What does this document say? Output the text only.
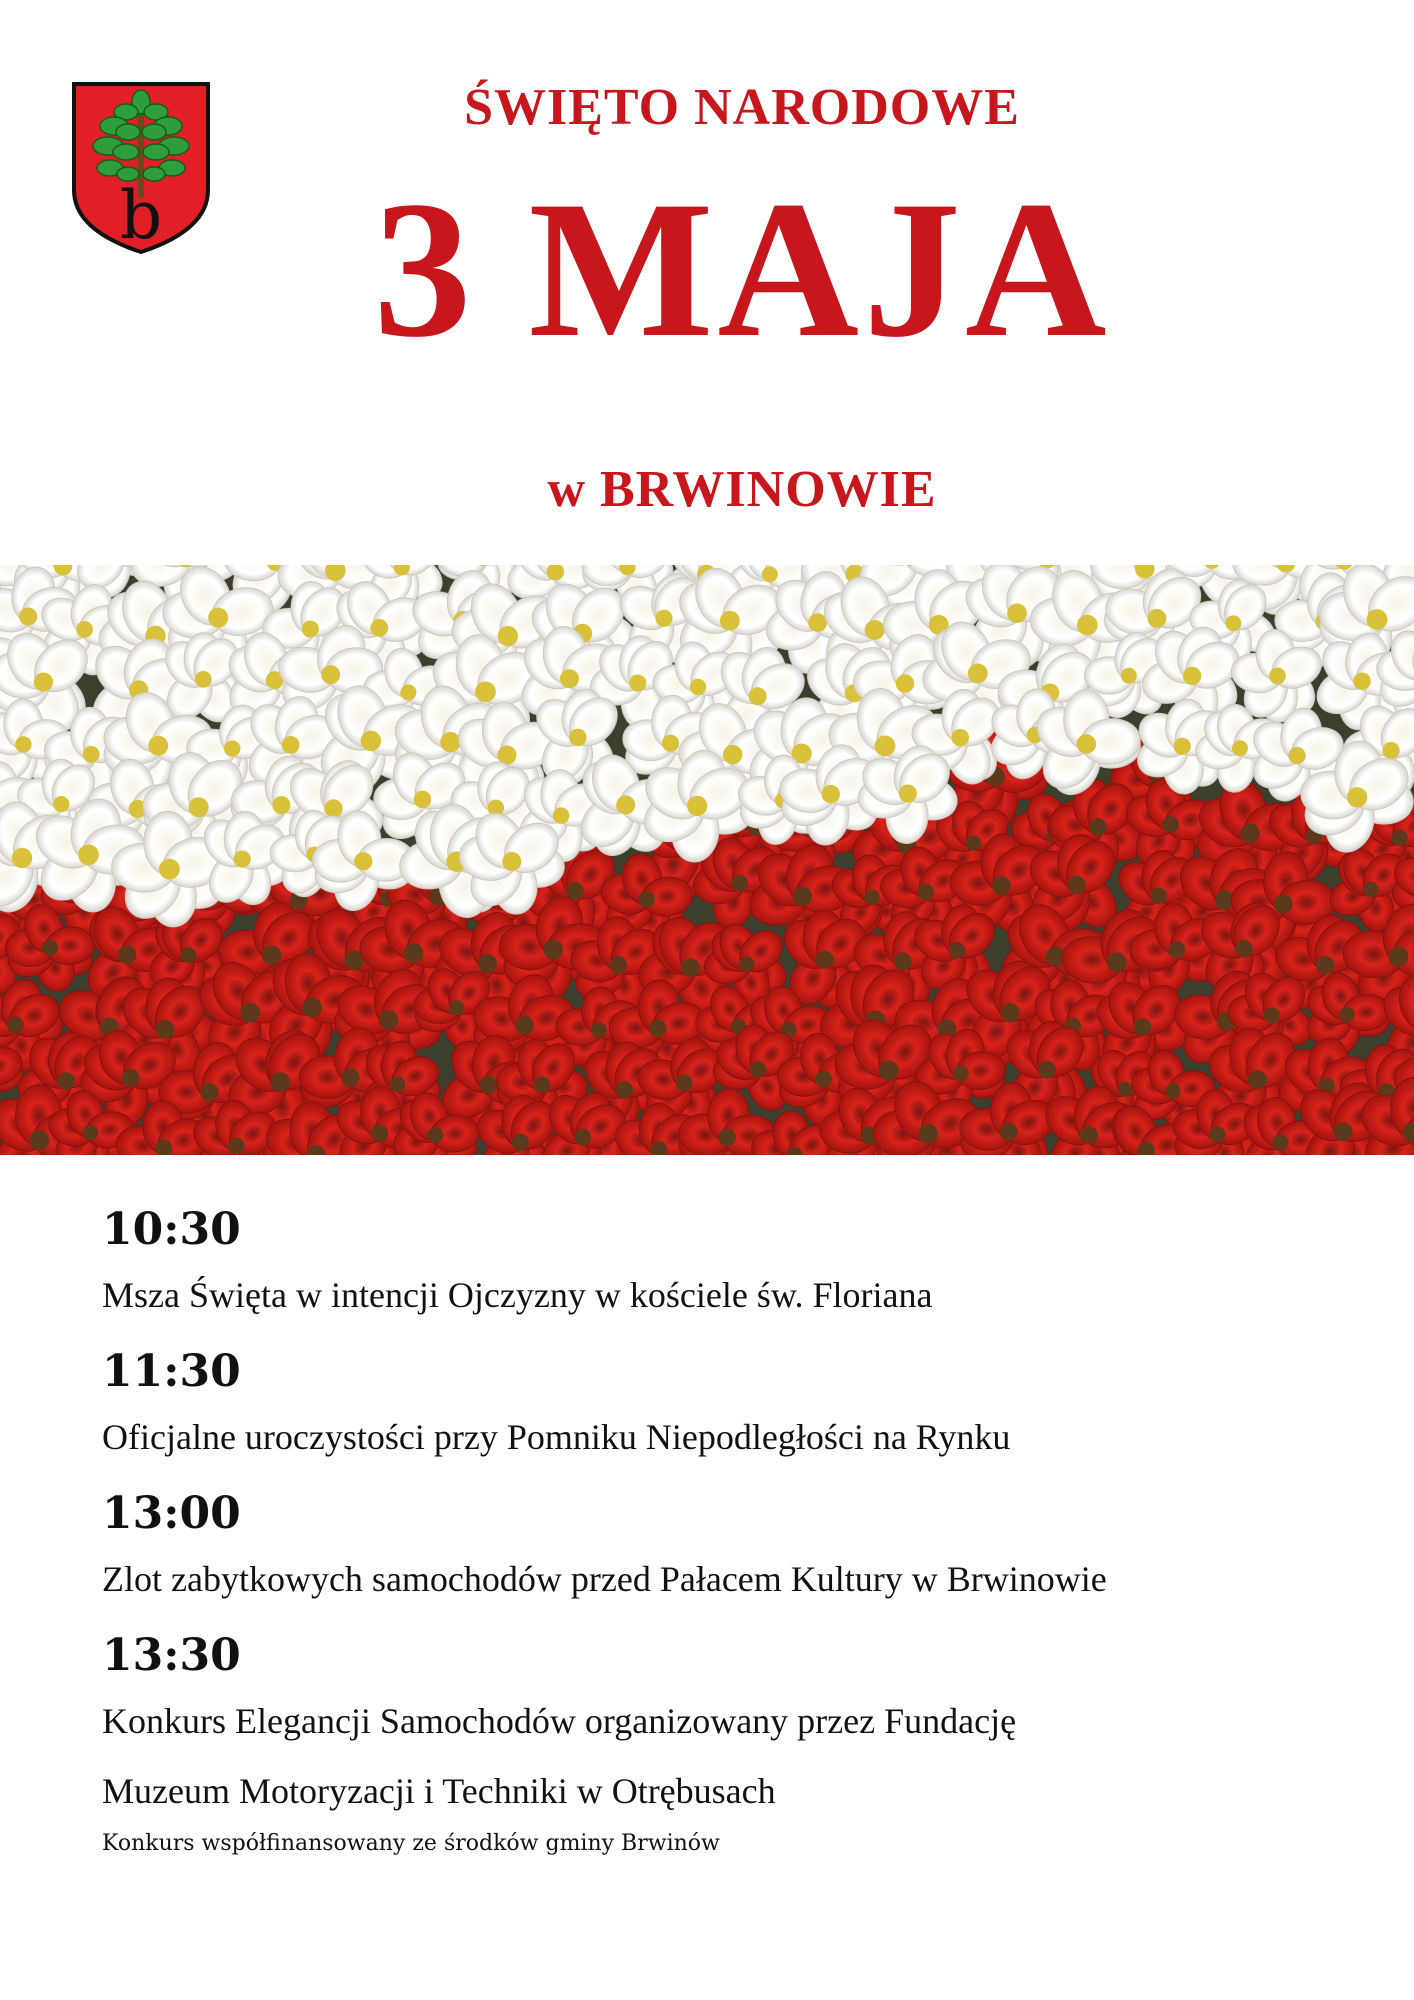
b
ŚWIĘTO NARODOWE
3 MAJA
w BRWINOWIE
10:30
Msza Święta w intencji Ojczyzny w kościele św. Floriana
11:30
Oficjalne uroczystości przy Pomniku Niepodległości na Rynku
13:00
Zlot zabytkowych samochodów przed Pałacem Kultury w Brwinowie
13:30
Konkurs Elegancji Samochodów organizowany przez Fundację
Muzeum Motoryzacji i Techniki w Otrębusach
Konkurs współfinansowany ze środków gminy Brwinów
